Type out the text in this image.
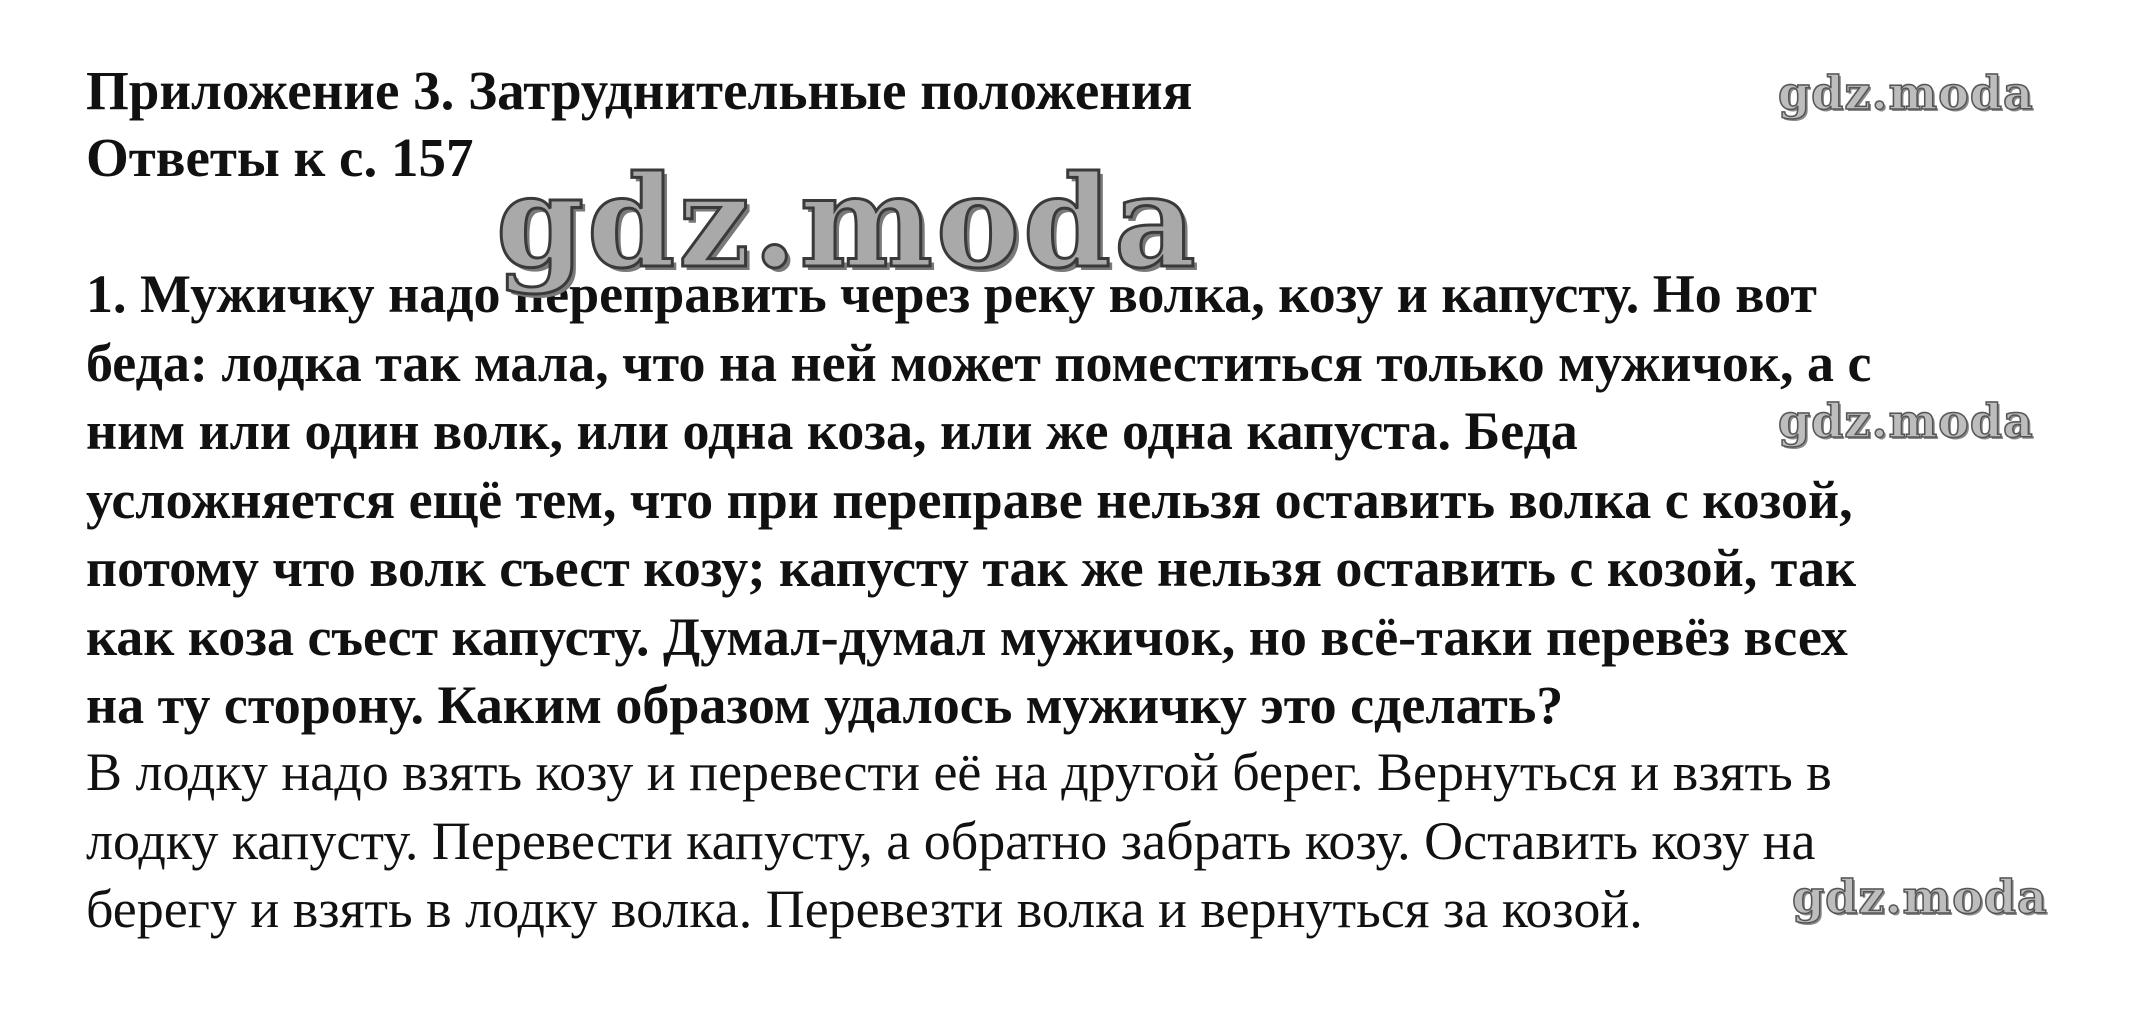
Приложение 3. Затруднительные положения
Ответы к с. 157
1. Мужичку надо переправить через реку волка, козу и капусту. Но вот
беда: лодка так мала, что на ней может поместиться только мужичок, а с
ним или один волк, или одна коза, или же одна капуста. Беда
усложняется ещё тем, что при переправе нельзя оставить волка с козой,
потому что волк съест козу; капусту так же нельзя оставить с козой, так
как коза съест капусту. Думал-думал мужичок, но всё-таки перевёз всех
на ту сторону. Каким образом удалось мужичку это сделать?
В лодку надо взять козу и перевести её на другой берег. Вернуться и взять в
лодку капусту. Перевести капусту, а обратно забрать козу. Оставить козу на
берегу и взять в лодку волка. Перевезти волка и вернуться за козой.
gdz.moda
gdz.moda
gdz.moda
gdz.moda
